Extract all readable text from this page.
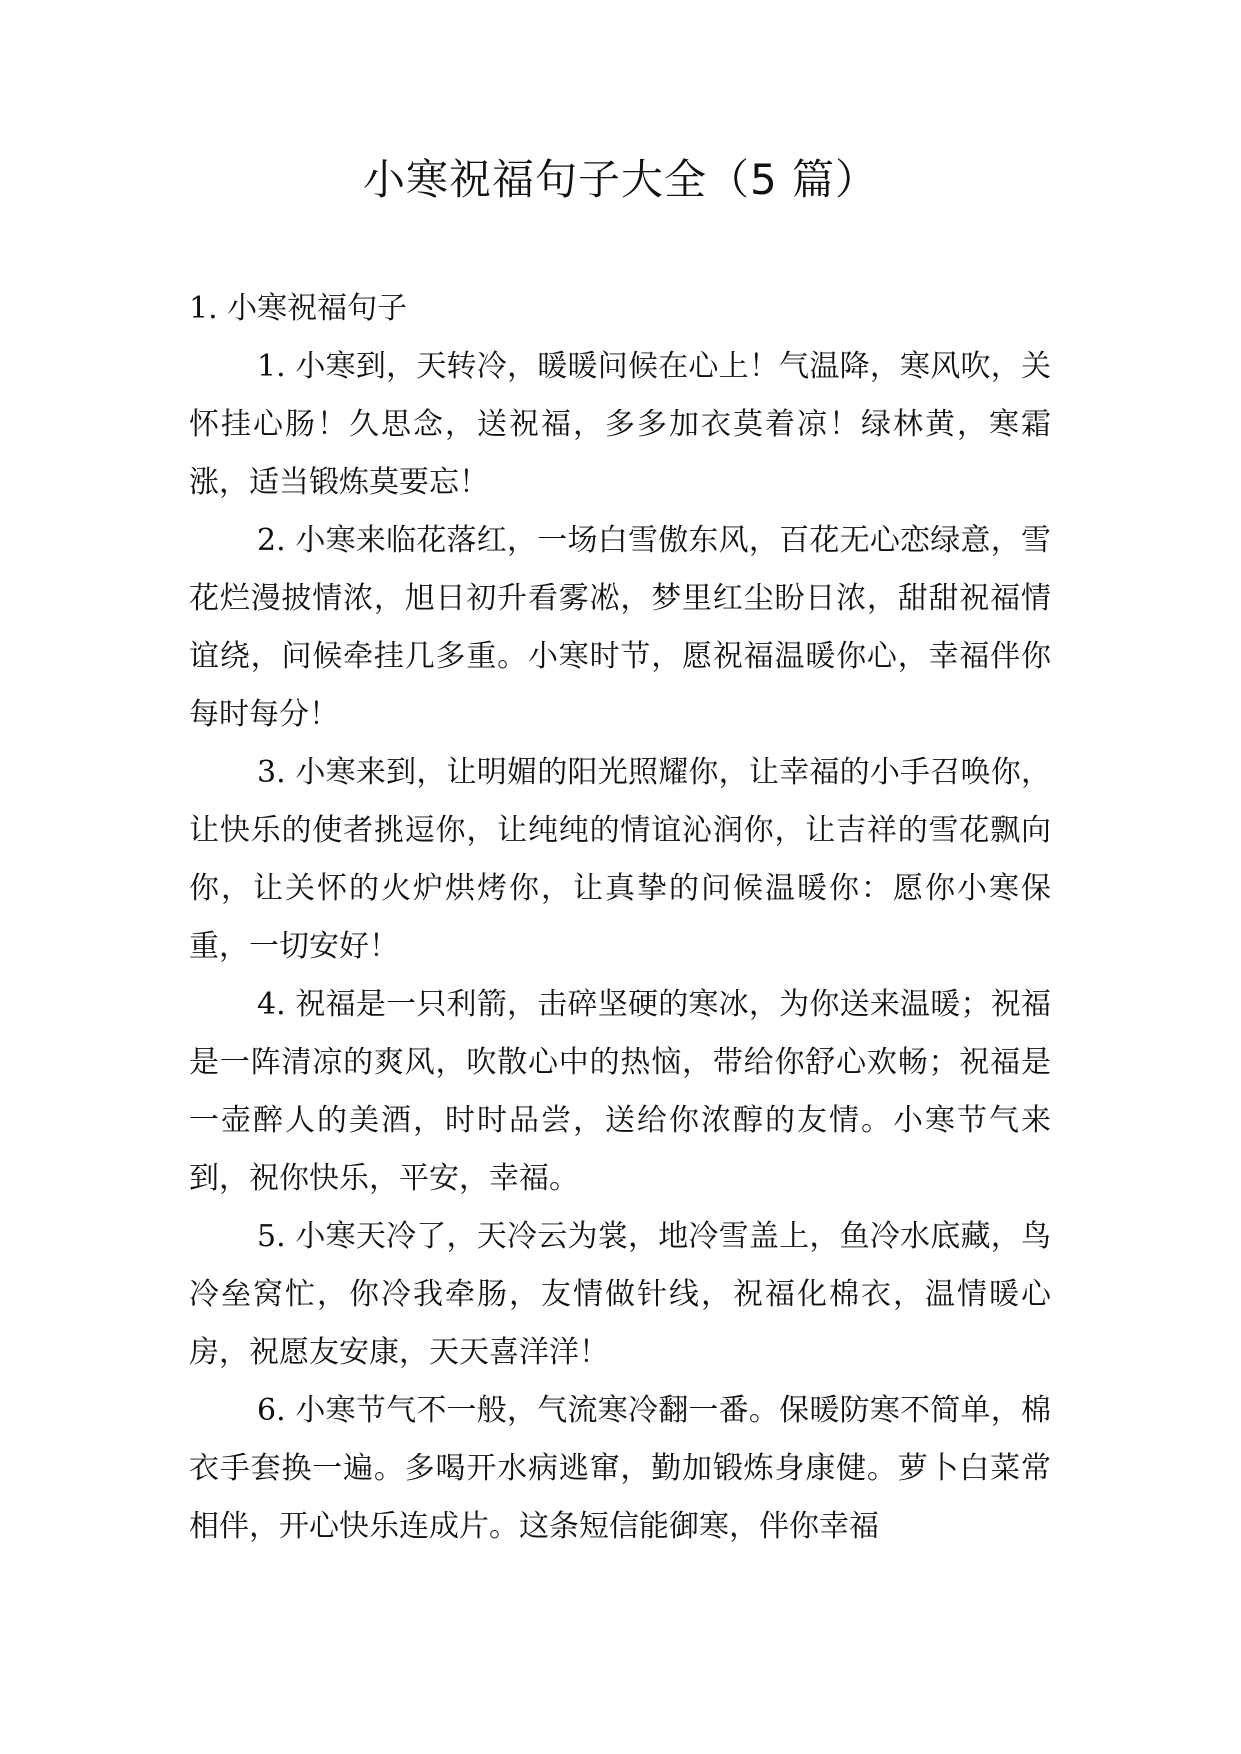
小寒祝福句子大全（5 篇）

1. 小寒祝福句子

1. 小寒到，天转冷，暖暖问候在心上！气温降，寒风吹，关怀挂心肠！久思念，送祝福，多多加衣莫着凉！绿林黄，寒霜涨，适当锻炼莫要忘！

2. 小寒来临花落红，一场白雪傲东风，百花无心恋绿意，雪花烂漫披情浓，旭日初升看雾凇，梦里红尘盼日浓，甜甜祝福情谊绕，问候牵挂几多重。小寒时节，愿祝福温暖你心，幸福伴你每时每分！

3. 小寒来到，让明媚的阳光照耀你，让幸福的小手召唤你，让快乐的使者挑逗你，让纯纯的情谊沁润你，让吉祥的雪花飘向你，让关怀的火炉烘烤你，让真挚的问候温暖你：愿你小寒保重，一切安好！

4. 祝福是一只利箭，击碎坚硬的寒冰，为你送来温暖；祝福是一阵清凉的爽风，吹散心中的热恼，带给你舒心欢畅；祝福是一壶醉人的美酒，时时品尝，送给你浓醇的友情。小寒节气来到，祝你快乐，平安，幸福。

5. 小寒天冷了，天冷云为裳，地冷雪盖上，鱼冷水底藏，鸟冷垒窝忙，你冷我牵肠，友情做针线，祝福化棉衣，温情暖心房，祝愿友安康，天天喜洋洋！

6. 小寒节气不一般，气流寒冷翻一番。保暖防寒不简单，棉衣手套换一遍。多喝开水病逃窜，勤加锻炼身康健。萝卜白菜常相伴，开心快乐连成片。这条短信能御寒，伴你幸福
